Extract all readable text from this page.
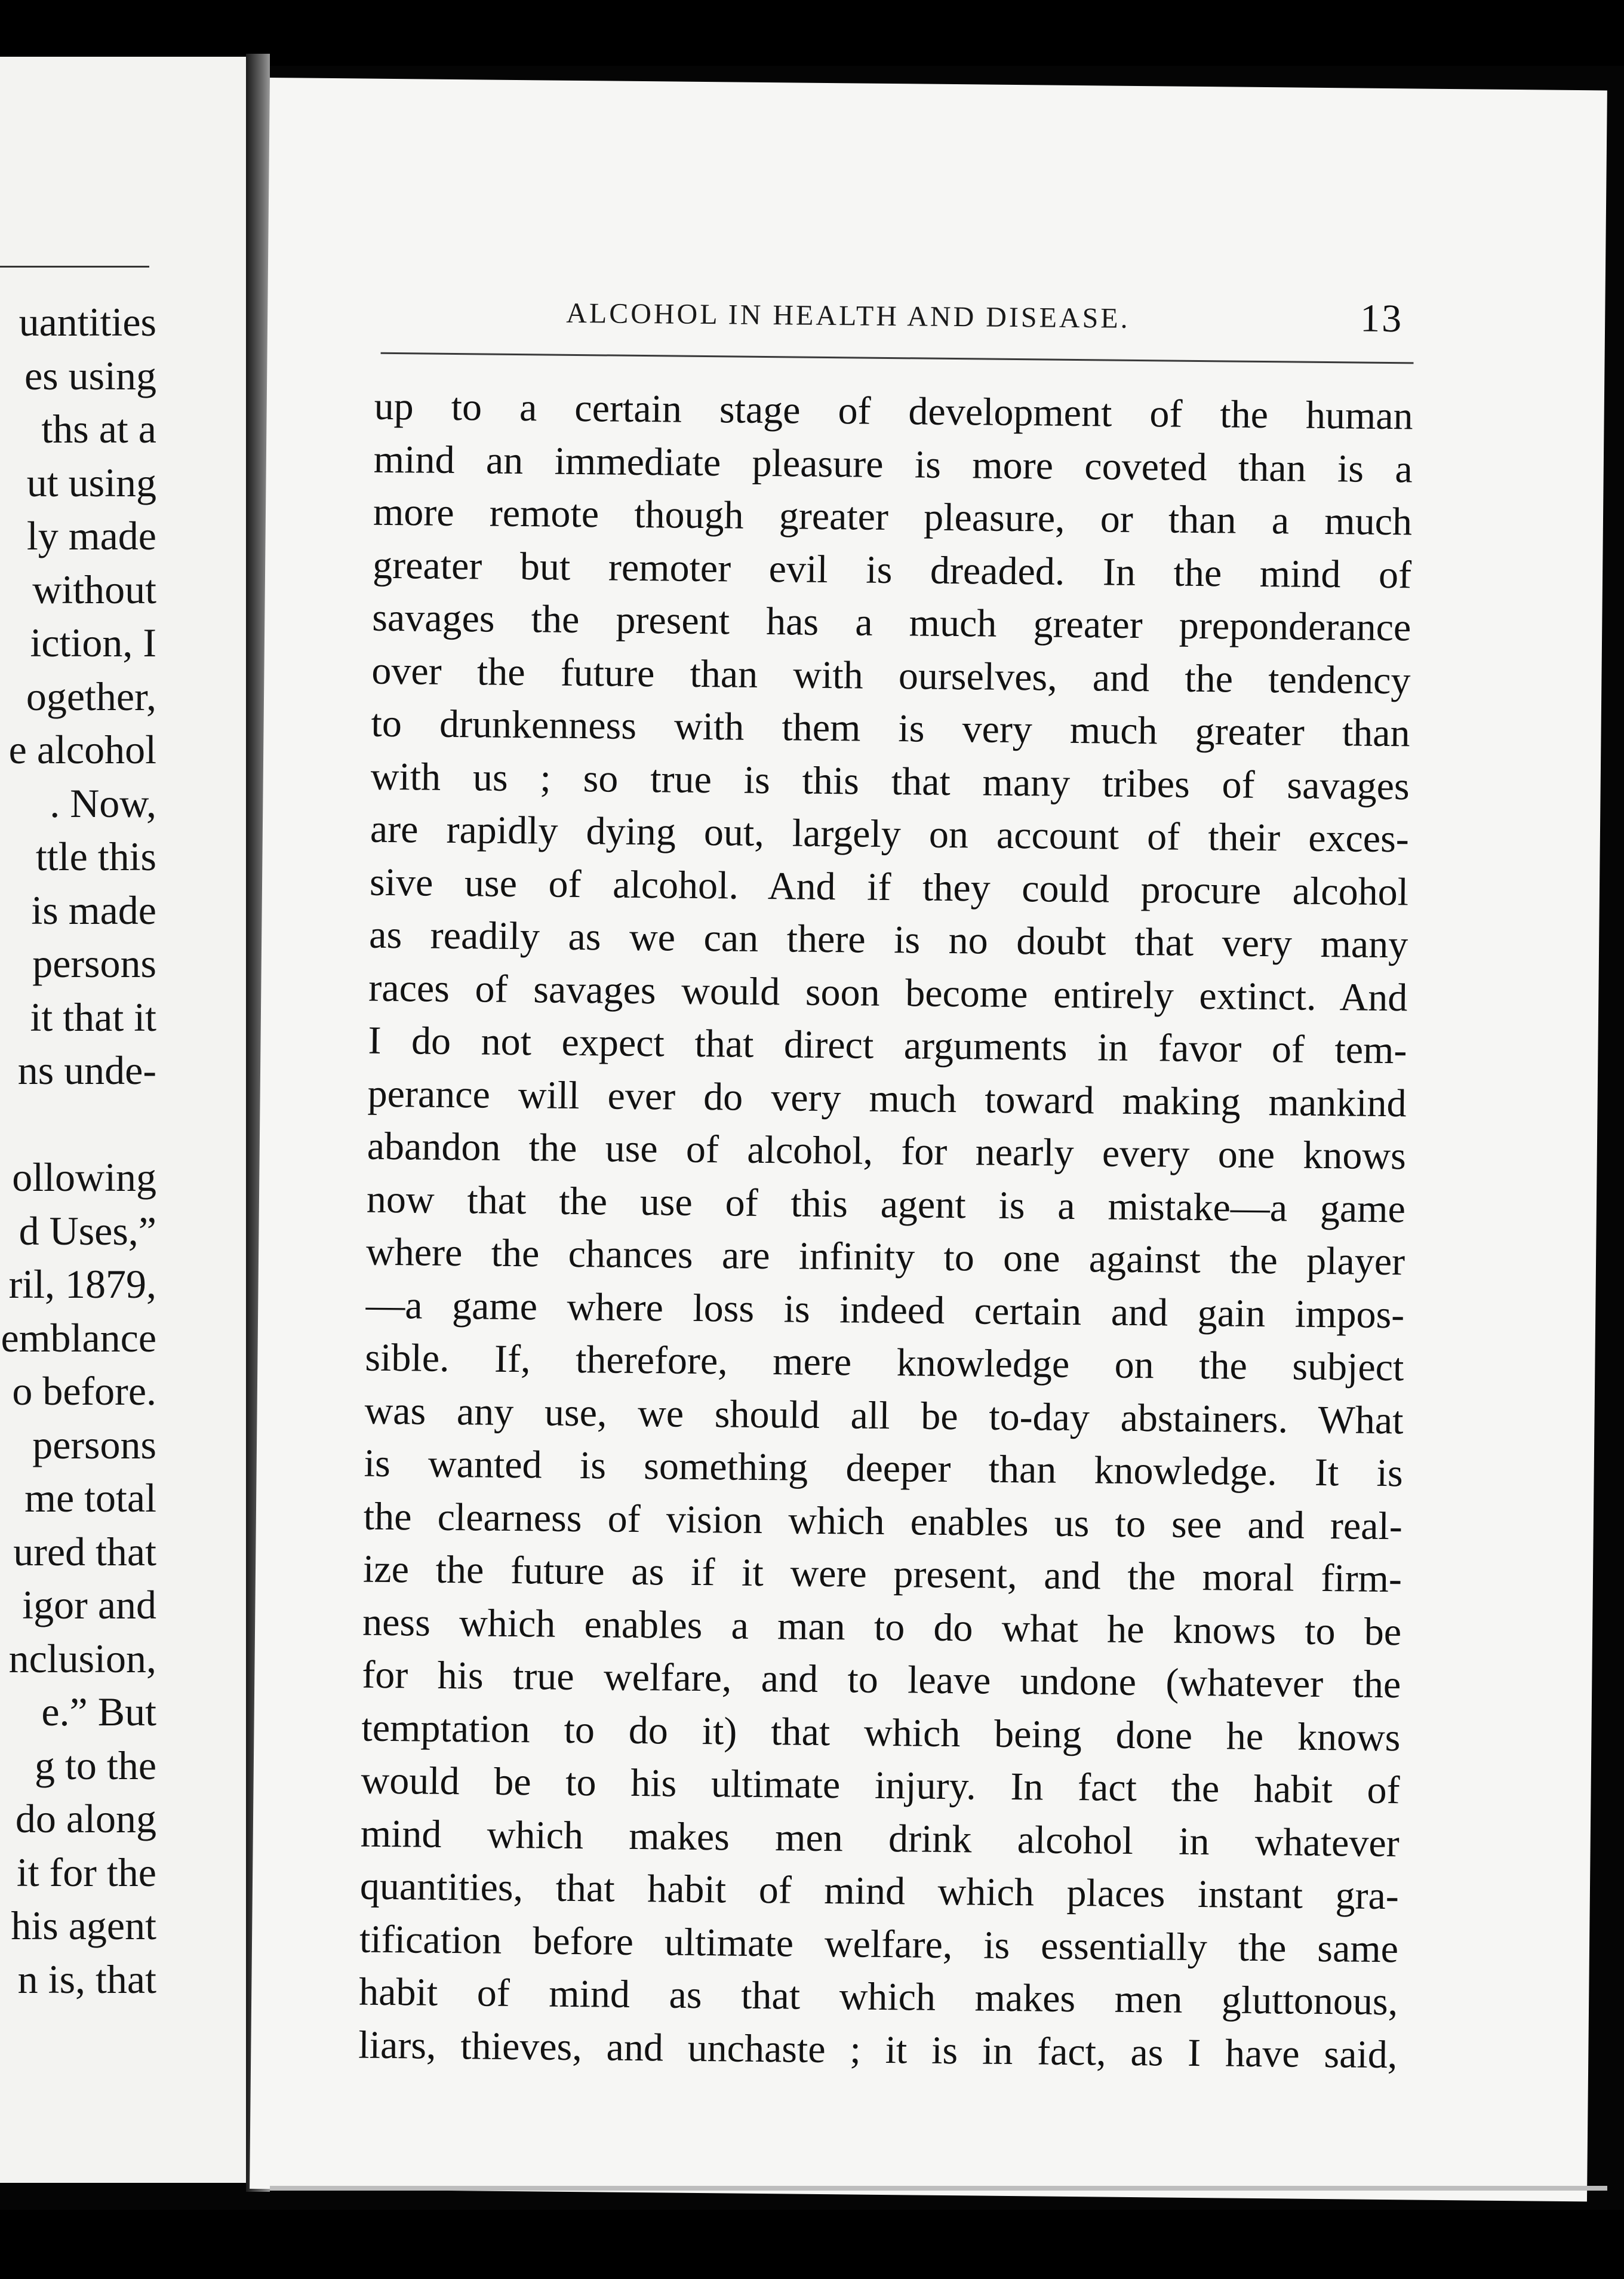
uantities
es using
ths at a
ut using
ly made
without
iction, I
ogether,
e alcohol
. Now,
ttle this
is made
persons
it that it
ns unde-
ollowing
d Uses,”
ril, 1879,
emblance
o before.
persons
me total
ured that
igor and
nclusion,
e.” But
g to the
do along
it for the
his agent
n is, that
ALCOHOL IN HEALTH AND DISEASE.	13
up to a certain stage of development of the human
mind an immediate pleasure is more coveted than is a
more remote though greater pleasure, or than a much
greater but remoter evil is dreaded. In the mind of
savages the present has a much greater preponderance
over the future than with ourselves, and the tendency
to drunkenness with them is very much greater than
with us ; so true is this that many tribes of savages
are rapidly dying out, largely on account of their exces-
sive use of alcohol. And if they could procure alcohol
as readily as we can there is no doubt that very many
races of savages would soon become entirely extinct. And
I do not expect that direct arguments in favor of tem-
perance will ever do very much toward making mankind
abandon the use of alcohol, for nearly every one knows
now that the use of this agent is a mistake—a game
where the chances are infinity to one against the player
—a game where loss is indeed certain and gain impos-
sible. If, therefore, mere knowledge on the subject
was any use, we should all be to-day abstainers. What
is wanted is something deeper than knowledge. It is
the clearness of vision which enables us to see and real-
ize the future as if it were present, and the moral firm-
ness which enables a man to do what he knows to be
for his true welfare, and to leave undone (whatever the
temptation to do it) that which being done he knows
would be to his ultimate injury. In fact the habit of
mind which makes men drink alcohol in whatever
quantities, that habit of mind which places instant gra-
tification before ultimate welfare, is essentially the same
habit of mind as that which makes men gluttonous,
liars, thieves, and unchaste ; it is in fact, as I have said,
